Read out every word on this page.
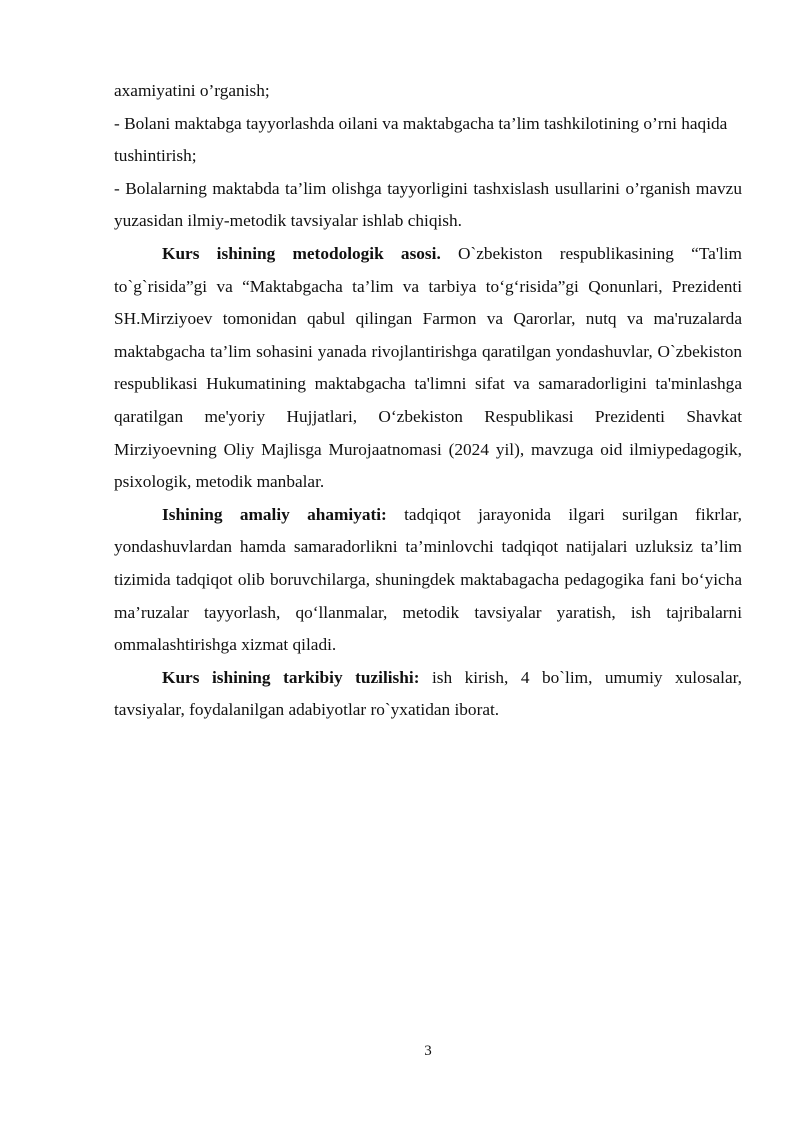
axamiyatini o’rganish;

- Bolani maktabga tayyorlashda oilani va maktabgacha ta’lim tashkilotining o’rni haqida tushintirish;

- Bolalarning maktabda ta’lim olishga tayyorligini tashxislash usullarini o’rganish mavzu yuzasidan ilmiy-metodik tavsiyalar ishlab chiqish.

Kurs ishining metodologik asosi. O`zbekiston respublikasining “Ta'lim to`g`risida”gi va “Maktabgacha ta’lim va tarbiya to‘g‘risida”gi Qonunlari, Prezidenti SH.Mirziyoev tomonidan qabul qilingan Farmon va Qarorlar, nutq va ma'ruzalarda maktabgacha ta’lim sohasini yanada rivojlantirishga qaratilgan yondashuvlar, O`zbekiston respublikasi Hukumatining maktabgacha ta'limni sifat va samaradorligini ta'minlashga qaratilgan me'yoriy Hujjatlari, O‘zbekiston Respublikasi Prezidenti Shavkat Mirziyoevning Oliy Majlisga Murojaatnomasi (2024 yil), mavzuga oid ilmiypedagogik, psixologik, metodik manbalar.

Ishining amaliy ahamiyati: tadqiqot jarayonida ilgari surilgan fikrlar, yondashuvlardan hamda samaradorlikni ta’minlovchi tadqiqot natijalari uzluksiz ta’lim tizimida tadqiqot olib boruvchilarga, shuningdek maktabagacha pedagogika fani bo‘yicha ma’ruzalar tayyorlash, qo‘llanmalar, metodik tavsiyalar yaratish, ish tajribalarni ommalashtirishga xizmat qiladi.

Kurs ishining tarkibiy tuzilishi: ish kirish, 4 bo`lim, umumiy xulosalar, tavsiyalar, foydalanilgan adabiyotlar ro`yxatidan iborat.

3
